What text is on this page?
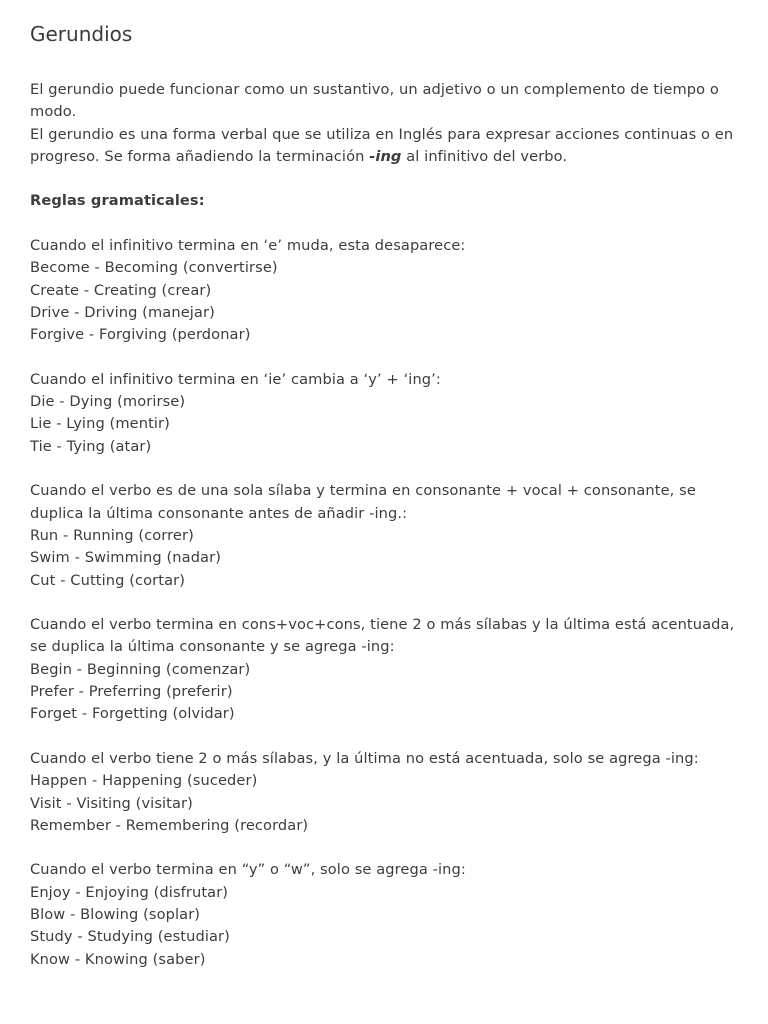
Gerundios
El gerundio puede funcionar como un sustantivo, un adjetivo o un complemento de tiempo o modo.
El gerundio es una forma verbal que se utiliza en Inglés para expresar acciones continuas o en progreso. Se forma añadiendo la terminación -ing al infinitivo del verbo.
Reglas gramaticales:
Cuando el infinitivo termina en ‘e’ muda, esta desaparece:
Become - Becoming (convertirse)
Create - Creating (crear)
Drive - Driving (manejar)
Forgive - Forgiving (perdonar)
Cuando el infinitivo termina en ‘ie’ cambia a ‘y’ + ‘ing’:
Die - Dying (morirse)
Lie - Lying (mentir)
Tie - Tying (atar)
Cuando el verbo es de una sola sílaba y termina en consonante + vocal + consonante, se duplica la última consonante antes de añadir -ing.:
Run - Running (correr)
Swim - Swimming (nadar)
Cut - Cutting (cortar)
Cuando el verbo termina en cons+voc+cons, tiene 2 o más sílabas y la última está acentuada, se duplica la última consonante y se agrega -ing:
Begin - Beginning (comenzar)
Prefer - Preferring (preferir)
Forget - Forgetting (olvidar)
Cuando el verbo tiene 2 o más sílabas, y la última no está acentuada, solo se agrega -ing:
Happen - Happening (suceder)
Visit - Visiting (visitar)
Remember - Remembering (recordar)
Cuando el verbo termina en “y” o “w”, solo se agrega -ing:
Enjoy - Enjoying (disfrutar)
Blow - Blowing (soplar)
Study - Studying (estudiar)
Know - Knowing (saber)
